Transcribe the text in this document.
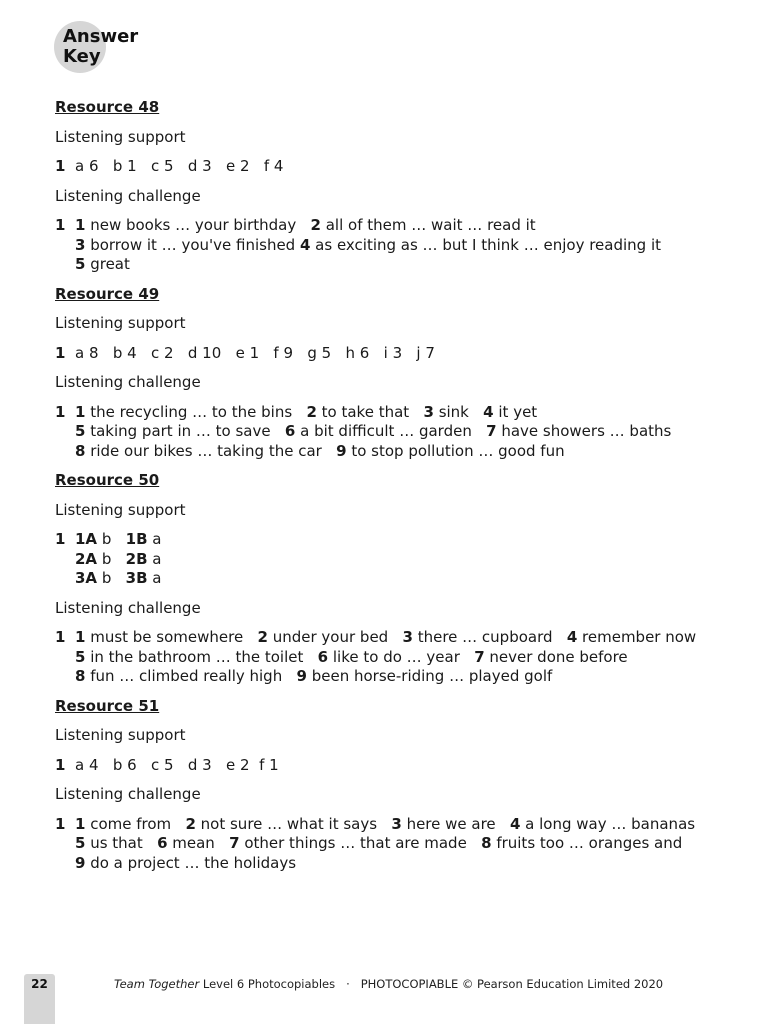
Answer
Key
Resource 48
Listening support
1 a 6   b 1   c 5   d 3   e 2   f 4
Listening challenge
1 1 new books … your birthday   2 all of them … wait … read it
3 borrow it … you've finished 4 as exciting as … but I think … enjoy reading it
5 great
Resource 49
Listening support
1 a 8   b 4   c 2   d 10   e 1   f 9   g 5   h 6   i 3   j 7
Listening challenge
1 1 the recycling … to the bins   2 to take that   3 sink   4 it yet
5 taking part in … to save   6 a bit difficult … garden   7 have showers … baths
8 ride our bikes … taking the car   9 to stop pollution … good fun
Resource 50
Listening support
1 1A b   1B a
2A b   2B a
3A b   3B a
Listening challenge
1 1 must be somewhere   2 under your bed   3 there … cupboard   4 remember now
5 in the bathroom … the toilet   6 like to do … year   7 never done before
8 fun … climbed really high   9 been horse-riding … played golf
Resource 51
Listening support
1 a 4   b 6   c 5   d 3   e 2  f 1
Listening challenge
1 1 come from   2 not sure … what it says   3 here we are   4 a long way … bananas
5 us that   6 mean   7 other things … that are made   8 fruits too … oranges and
9 do a project … the holidays
22	Team Together Level 6 Photocopiables   ·   PHOTOCOPIABLE © Pearson Education Limited 2020
